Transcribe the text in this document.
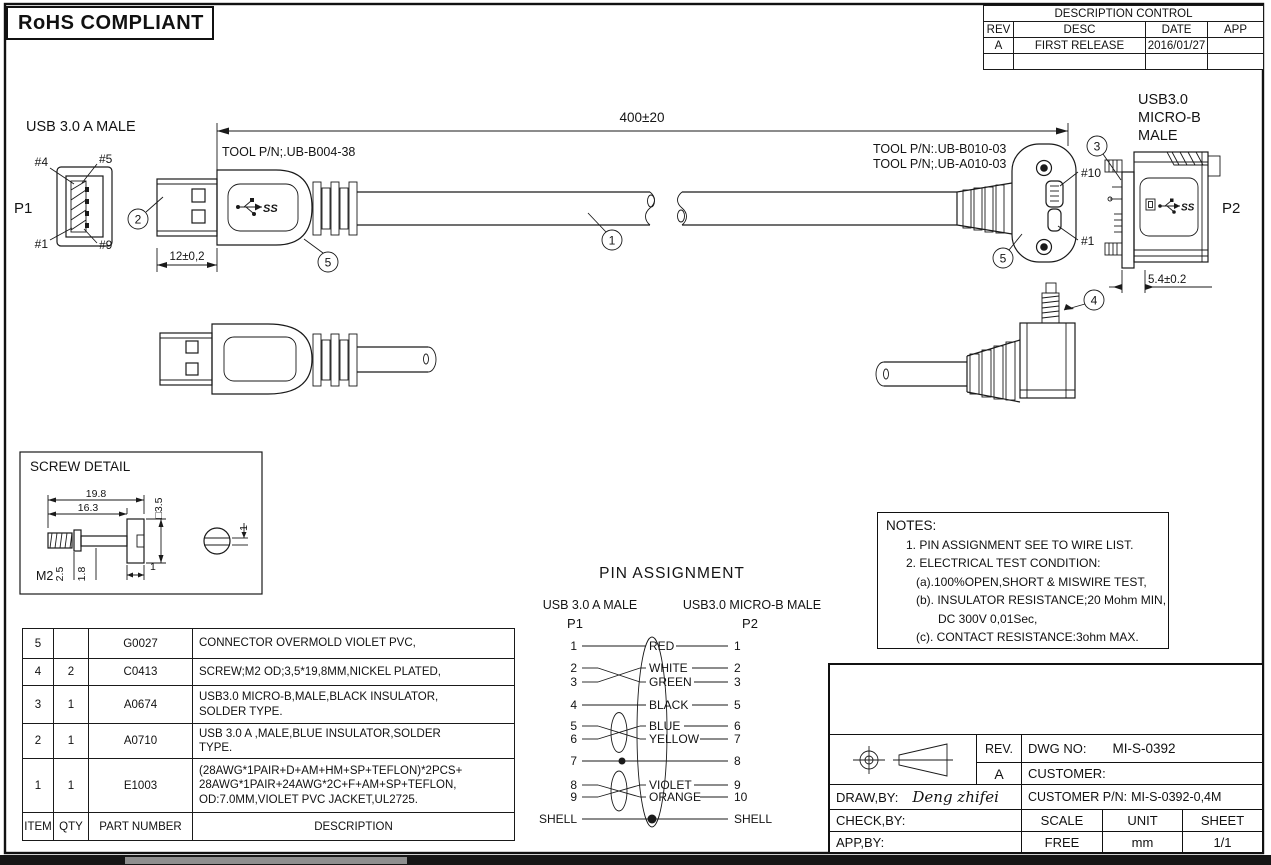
#4	#5
#1	#9
P1
USB 3.0 A MALE
2
SS
TOOL P/N;.UB-B004-38
5
1
400±20
12±0,2
#10
#1
TOOL P/N:.UB-B010-03
TOOL P/N;.UB-A010-03
3
5
USB3.0
MICRO-B
MALE
SS P2
5.4±0.2
4
SCREW DETAIL
19.8
16.3	□3.5
2.5 1.8
M2
1
1
PIN ASSIGNMENT
USB 3.0 A MALE
P1
USB3.0 MICRO-B MALE
P2
1	RED	1
2	WHITE	2
3	GREEN	3
4	BLACK	5
5	BLUE	6
6	YELLOW	7
7	8
8	VIOLET	9
9	ORANGE	10
SHELL	SHELL
RoHS COMPLIANT	DESCRIPTION CONTROL			
REV	DESC	DATE	APP
A	FIRST RELEASE	2016/01/27	

NOTES:
1. PIN ASSIGNMENT SEE TO WIRE LIST.
2. ELECTRICAL TEST CONDITION:
(a).100%OPEN,SHORT & MISWIRE TEST,
(b). INSULATOR RESISTANCE;20 Mohm MIN,
DC 300V 0,01Sec,
(c). CONTACT RESISTANCE:3ohm MAX.
5		G0027	CONNECTOR OVERMOLD VIOLET PVC,
4	2	C0413	SCREW;M2 OD;3,5*19,8MM,NICKEL PLATED,
3	1	A0674	USB3.0 MICRO-B,MALE,BLACK INSULATOR, SOLDER TYPE.
2	1	A0710	USB 3.0 A ,MALE,BLUE INSULATOR,SOLDER TYPE.
1	1	E1003	(28AWG*1PAIR+D+AM+HM+SP+TEFLON)*2PCS+ 28AWG*1PAIR+24AWG*2C+F+AM+SP+TEFLON, OD:7.0MM,VIOLET PVC JACKET,UL2725.
ITEM	QTY	PART NUMBER	DESCRIPTION
REV.	DWG NO: MI-S-0392
A	CUSTOMER:
DRAW,BY: Deng zhifei CUSTOMER P/N: MI-S-0392-0,4M
CHECK,BY:	SCALE	UNIT	SHEET
APP,BY:	FREE	mm	1/1
